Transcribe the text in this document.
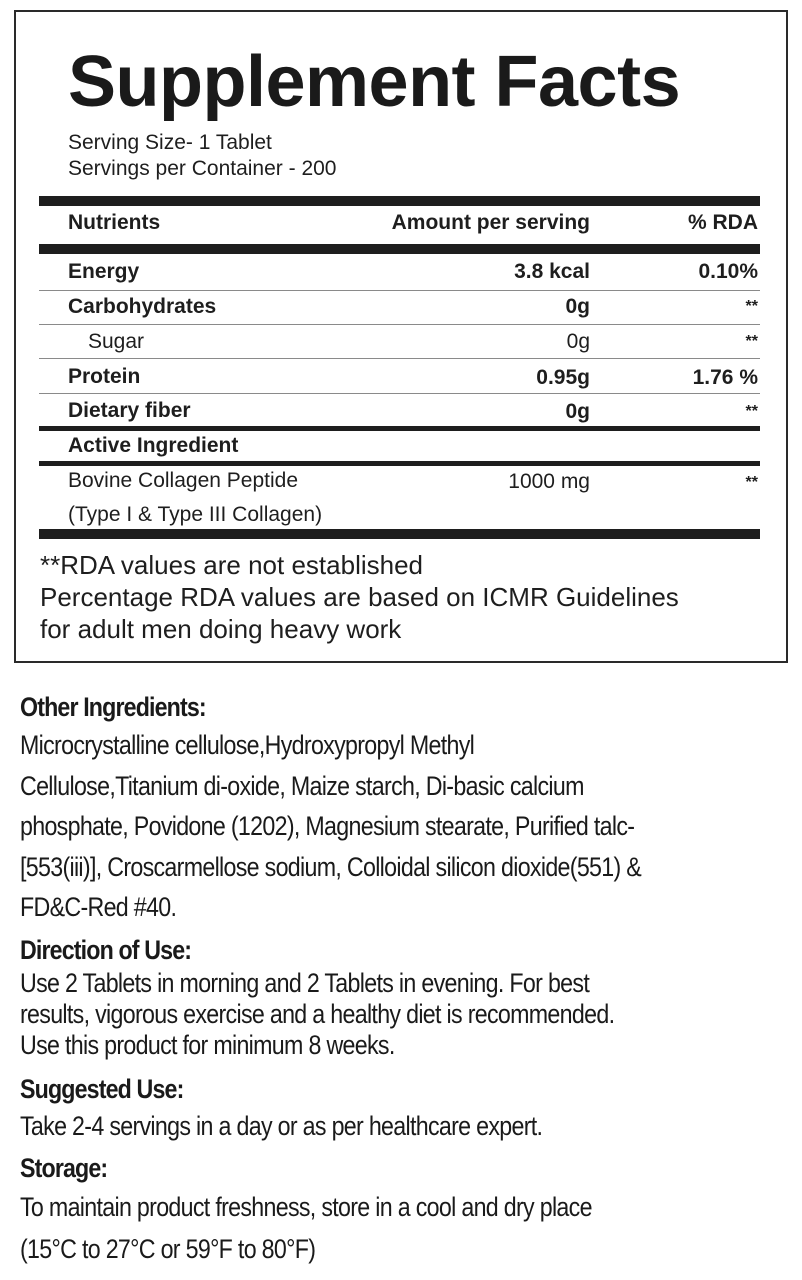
Supplement Facts
Serving Size- 1 Tablet
Servings per Container - 200
Nutrients	Amount per serving	% RDA
Energy	3.8 kcal	0.10%
Carbohydrates	0g	**
Sugar	0g	**
Protein	0.95g	1.76 %
Dietary fiber	0g	**
Active Ingredient
Bovine Collagen Peptide	1000 mg	**
(Type I & Type III Collagen)
**RDA values are not established
Percentage RDA values are based on ICMR Guidelines
for adult men doing heavy work
Other Ingredients:
Microcrystalline cellulose,Hydroxypropyl Methyl
Cellulose,Titanium di-oxide, Maize starch, Di-basic calcium
phosphate, Povidone (1202), Magnesium stearate, Purified talc-
[553(iii)], Croscarmellose sodium, Colloidal silicon dioxide(551) &
FD&C-Red #40.
Direction of Use:
Use 2 Tablets in morning and 2 Tablets in evening. For best
results, vigorous exercise and a healthy diet is recommended.
Use this product for minimum 8 weeks.
Suggested Use:
Take 2-4 servings in a day or as per healthcare expert.
Storage:
To maintain product freshness, store in a cool and dry place
(15°C to 27°C or 59°F to 80°F)
